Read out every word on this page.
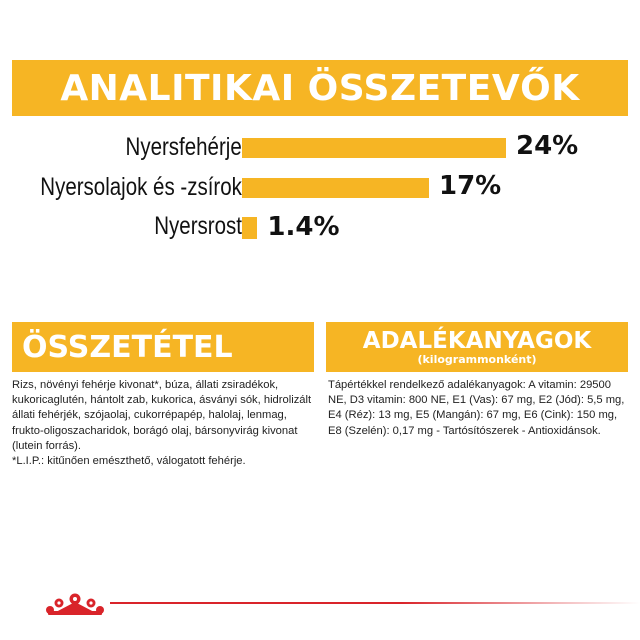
ANALITIKAI ÖSSZETEVŐK
Nyersfehérje	24%
Nyersolajok és -zsírok	17%
Nyersrost 1.4%
ÖSSZETÉTEL
Rizs, növényi fehérje kivonat*, búza, állati zsiradékok, kukoricaglutén, hántolt zab, kukorica, ásványi sók, hidrolizált állati fehérjék, szójaolaj, cukorrépapép, halolaj, lenmag, frukto-oligoszacharidok, borágó olaj, bársonyvirág kivonat (lutein forrás).
*L.I.P.: kitűnően emészthető, válogatott fehérje.
ADALÉKANYAGOK
(kilogrammonként)
Tápértékkel rendelkező adalékanyagok: A vitamin: 29500 NE, D3 vitamin: 800 NE, E1 (Vas): 67 mg, E2 (Jód): 5,5 mg, E4 (Réz): 13 mg, E5 (Mangán): 67 mg, E6 (Cink): 150 mg, E8 (Szelén): 0,17 mg - Tartósítószerek - Antioxidánsok.
